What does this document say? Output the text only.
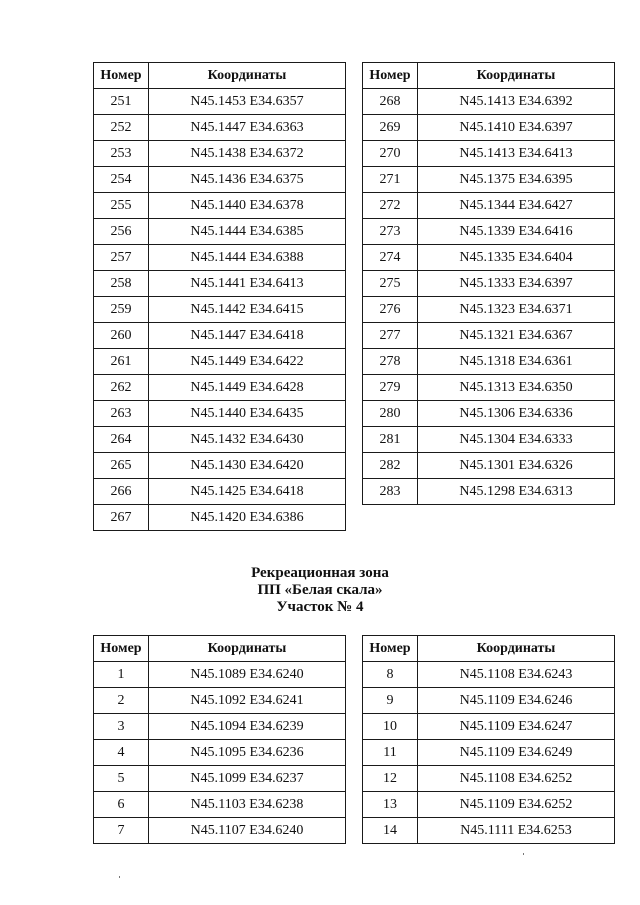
Номер	Координаты
251	N45.1453 E34.6357
252	N45.1447 E34.6363
253	N45.1438 E34.6372
254	N45.1436 E34.6375
255	N45.1440 E34.6378
256	N45.1444 E34.6385
257	N45.1444 E34.6388
258	N45.1441 E34.6413
259	N45.1442 E34.6415
260	N45.1447 E34.6418
261	N45.1449 E34.6422
262	N45.1449 E34.6428
263	N45.1440 E34.6435
264	N45.1432 E34.6430
265	N45.1430 E34.6420
266	N45.1425 E34.6418
267	N45.1420 E34.6386
Номер	Координаты
268	N45.1413 E34.6392
269	N45.1410 E34.6397
270	N45.1413 E34.6413
271	N45.1375 E34.6395
272	N45.1344 E34.6427
273	N45.1339 E34.6416
274	N45.1335 E34.6404
275	N45.1333 E34.6397
276	N45.1323 E34.6371
277	N45.1321 E34.6367
278	N45.1318 E34.6361
279	N45.1313 E34.6350
280	N45.1306 E34.6336
281	N45.1304 E34.6333
282	N45.1301 E34.6326
283	N45.1298 E34.6313
Рекреационная зона
ПП «Белая скала»
Участок № 4
Номер	Координаты
1	N45.1089 E34.6240
2	N45.1092 E34.6241
3	N45.1094 E34.6239
4	N45.1095 E34.6236
5	N45.1099 E34.6237
6	N45.1103 E34.6238
7	N45.1107 E34.6240
Номер	Координаты
8	N45.1108 E34.6243
9	N45.1109 E34.6246
10	N45.1109 E34.6247
11	N45.1109 E34.6249
12	N45.1108 E34.6252
13	N45.1109 E34.6252
14	N45.1111 E34.6253
